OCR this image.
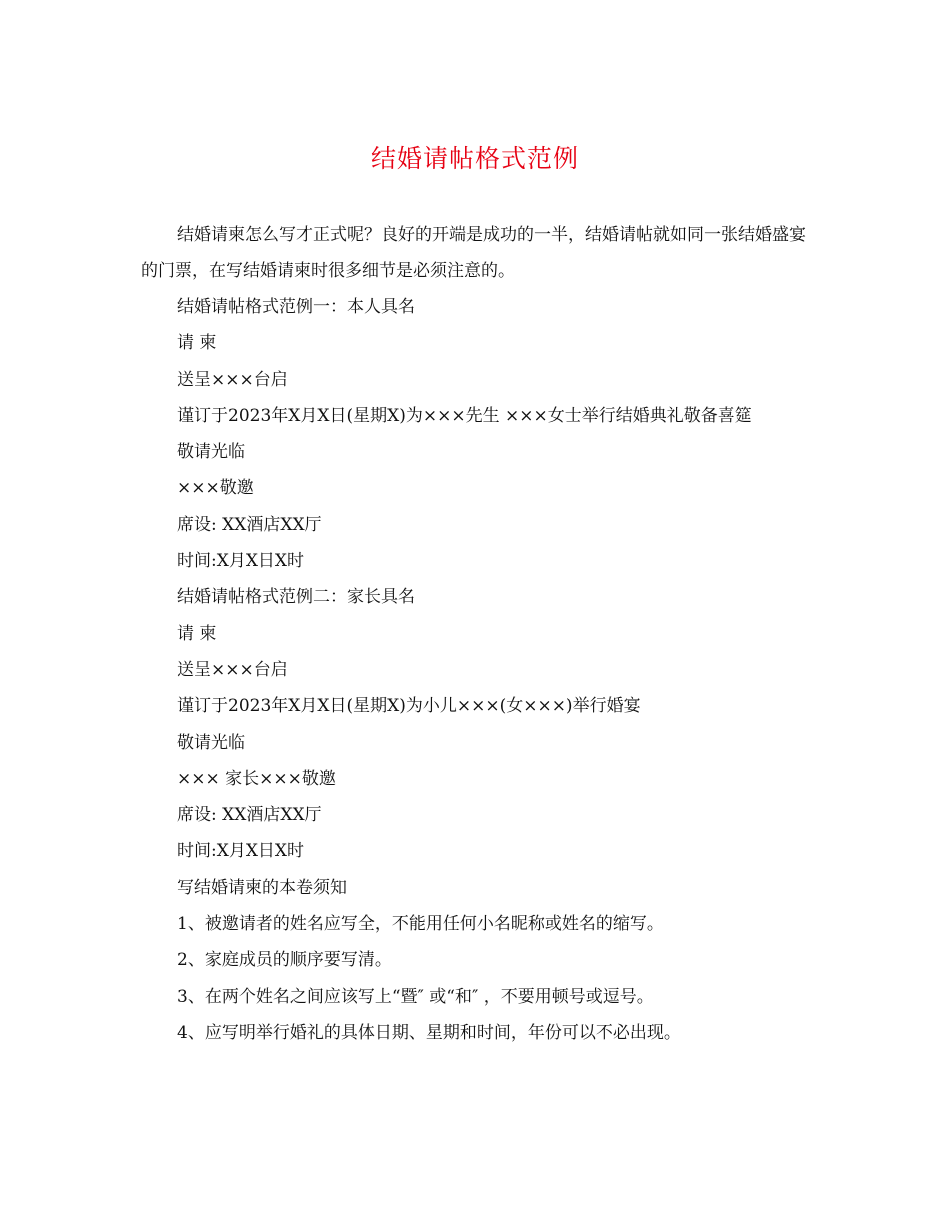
结婚请帖格式范例

结婚请柬怎么写才正式呢？良好的开端是成功的一半，结婚请帖就如同一张结婚盛宴的门票，在写结婚请柬时很多细节是必须注意的。

结婚请帖格式范例一：本人具名

请 柬

送呈×××台启

谨订于2023年X月X日(星期X)为×××先生 ×××女士举行结婚典礼敬备喜筵

敬请光临

×××敬邀

席设: XX酒店XX厅

时间:X月X日X时

结婚请帖格式范例二：家长具名

请 柬

送呈×××台启

谨订于2023年X月X日(星期X)为小儿×××(女×××)举行婚宴

敬请光临

××× 家长×××敬邀

席设: XX酒店XX厅

时间:X月X日X时

写结婚请柬的本卷须知

1、被邀请者的姓名应写全，不能用任何小名昵称或姓名的缩写。

2、家庭成员的顺序要写清。

3、在两个姓名之间应该写上“暨″ 或“和″ ，不要用顿号或逗号。

4、应写明举行婚礼的具体日期、星期和时间，年份可以不必出现。
